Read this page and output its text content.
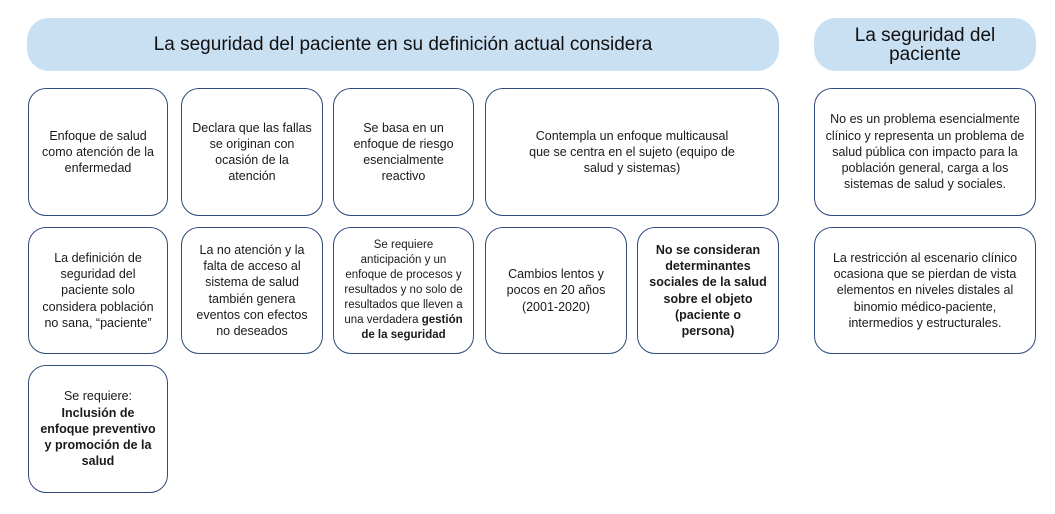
La seguridad del paciente en su definición actual considera	La seguridad del paciente

Enfoque de salud como atención de la enfermedad

Declara que las fallas se originan con ocasión de la atención

Se basa en un enfoque de riesgo esencialmente reactivo

Contempla un enfoque multicausal que se centra en el sujeto (equipo de salud y sistemas)

No es un problema esencialmente clínico y representa un problema de salud pública con impacto para la población general, carga a los sistemas de salud y sociales.

La definición de seguridad del paciente solo considera población no sana, “paciente”

La no atención y la falta de acceso al sistema de salud también genera eventos con efectos no deseados

Se requiere anticipación y un enfoque de procesos y resultados y no solo de resultados que lleven a una verdadera gestión de la seguridad

Cambios lentos y pocos en 20 años (2001-2020)

No se consideran determinantes sociales de la salud sobre el objeto (paciente o persona)

La restricción al escenario clínico ocasiona que se pierdan de vista elementos en niveles distales al binomio médico-paciente, intermedios y estructurales.

Se requiere:
Inclusión de enfoque preventivo y promoción de la salud
